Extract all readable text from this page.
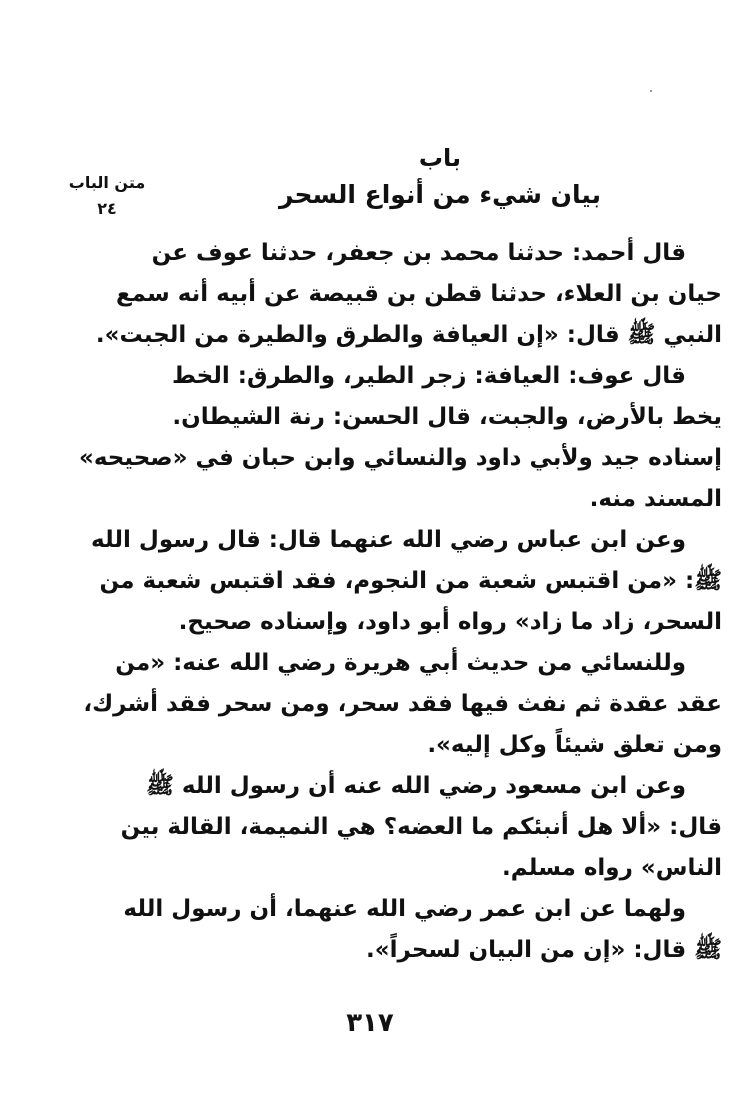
متن الباب
٢٤
باب
بيان شيء من أنواع السحر
قال أحمد: حدثنا محمد بن جعفر، حدثنا عوف عن
حيان بن العلاء، حدثنا قطن بن قبيصة عن أبيه أنه سمع
النبي ﷺ قال: «إن العيافة والطرق والطيرة من الجبت».
قال عوف: العيافة: زجر الطير، والطرق: الخط
يخط بالأرض، والجبت، قال الحسن: رنة الشيطان.
إسناده جيد ولأبي داود والنسائي وابن حبان في «صحيحه»
المسند منه.
وعن ابن عباس رضي الله عنهما قال: قال رسول الله
ﷺ: «من اقتبس شعبة من النجوم، فقد اقتبس شعبة من
السحر، زاد ما زاد» رواه أبو داود، وإسناده صحيح.
وللنسائي من حديث أبي هريرة رضي الله عنه: «من
عقد عقدة ثم نفث فيها فقد سحر، ومن سحر فقد أشرك،
ومن تعلق شيئاً وكل إليه».
وعن ابن مسعود رضي الله عنه أن رسول الله ﷺ
قال: «ألا هل أنبئكم ما العضه؟ هي النميمة، القالة بين
الناس» رواه مسلم.
ولهما عن ابن عمر رضي الله عنهما، أن رسول الله
ﷺ قال: «إن من البيان لسحراً».
٣١٧
